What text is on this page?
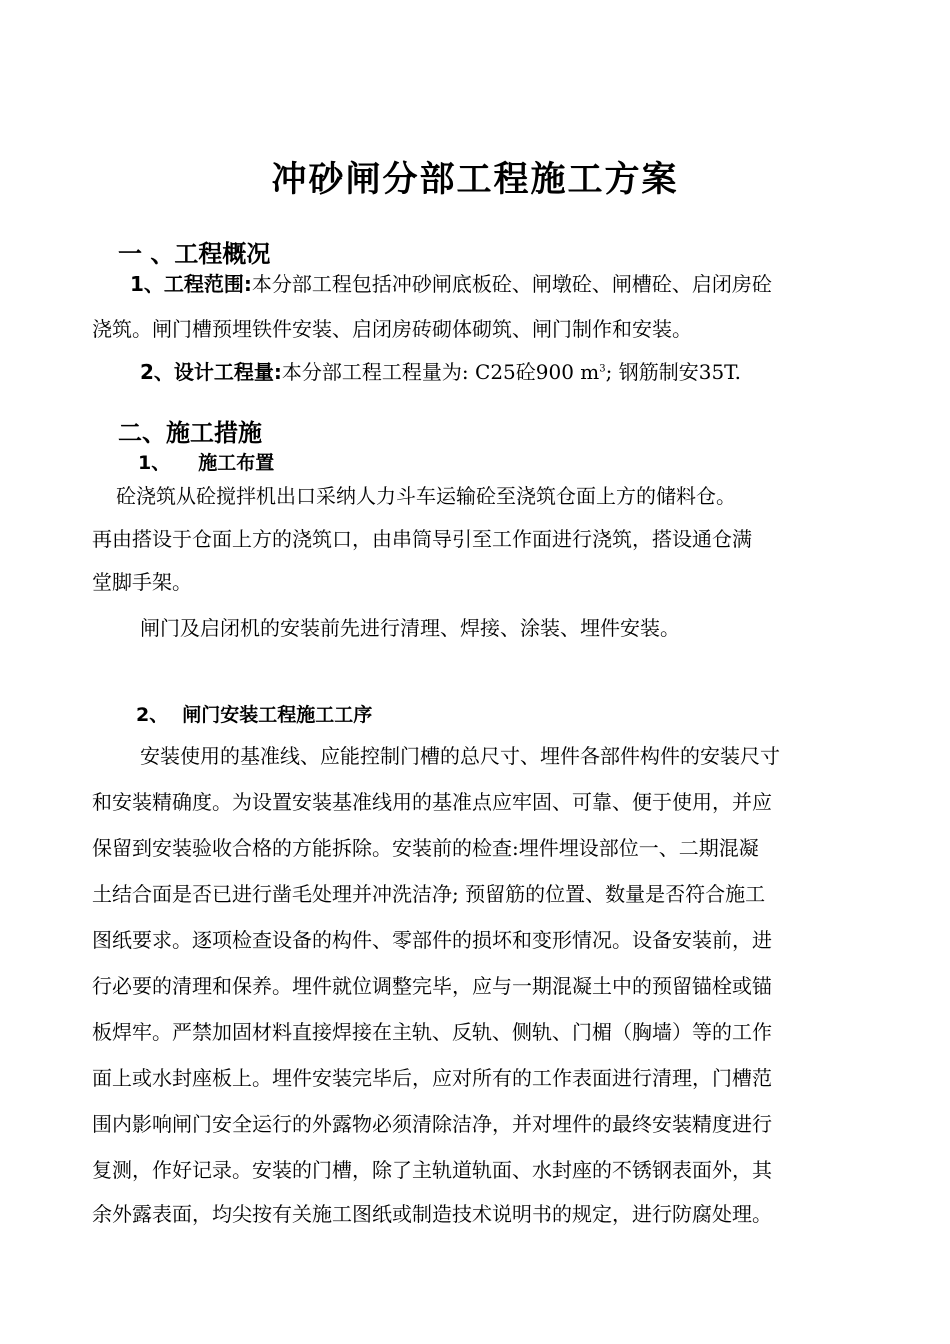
冲砂闸分部工程施工方案
一 、工程概况
1、工程范围:本分部工程包括冲砂闸底板砼、闸墩砼、闸槽砼、启闭房砼
浇筑。闸门槽预埋铁件安装、启闭房砖砌体砌筑、闸门制作和安装。
2、设计工程量:本分部工程工程量为: C25砼900 $m^3$; 钢筋制安35T.
二、施工措施
1、 施工布置
砼浇筑从砼搅拌机出口采纳人力斗车运输砼至浇筑仓面上方的储料仓。
再由搭设于仓面上方的浇筑口，由串筒导引至工作面进行浇筑，搭设通仓满
堂脚手架。
闸门及启闭机的安装前先进行清理、焊接、涂装、埋件安装。
2、 闸门安装工程施工工序
安装使用的基准线、应能控制门槽的总尺寸、埋件各部件构件的安装尺寸
和安装精确度。为设置安装基准线用的基准点应牢固、可靠、便于使用，并应
保留到安装验收合格的方能拆除。安装前的检查:埋件埋设部位一、二期混凝
土结合面是否已进行凿毛处理并冲洗洁净; 预留筋的位置、数量是否符合施工
图纸要求。逐项检查设备的构件、零部件的损坏和变形情况。设备安装前，进
行必要的清理和保养。埋件就位调整完毕，应与一期混凝土中的预留锚栓或锚
板焊牢。严禁加固材料直接焊接在主轨、反轨、侧轨、门楣（胸墙）等的工作
面上或水封座板上。埋件安装完毕后，应对所有的工作表面进行清理，门槽范
围内影响闸门安全运行的外露物必须清除洁净，并对埋件的最终安装精度进行
复测，作好记录。安装的门槽，除了主轨道轨面、水封座的不锈钢表面外，其
余外露表面，均尖按有关施工图纸或制造技术说明书的规定，进行防腐处理。
